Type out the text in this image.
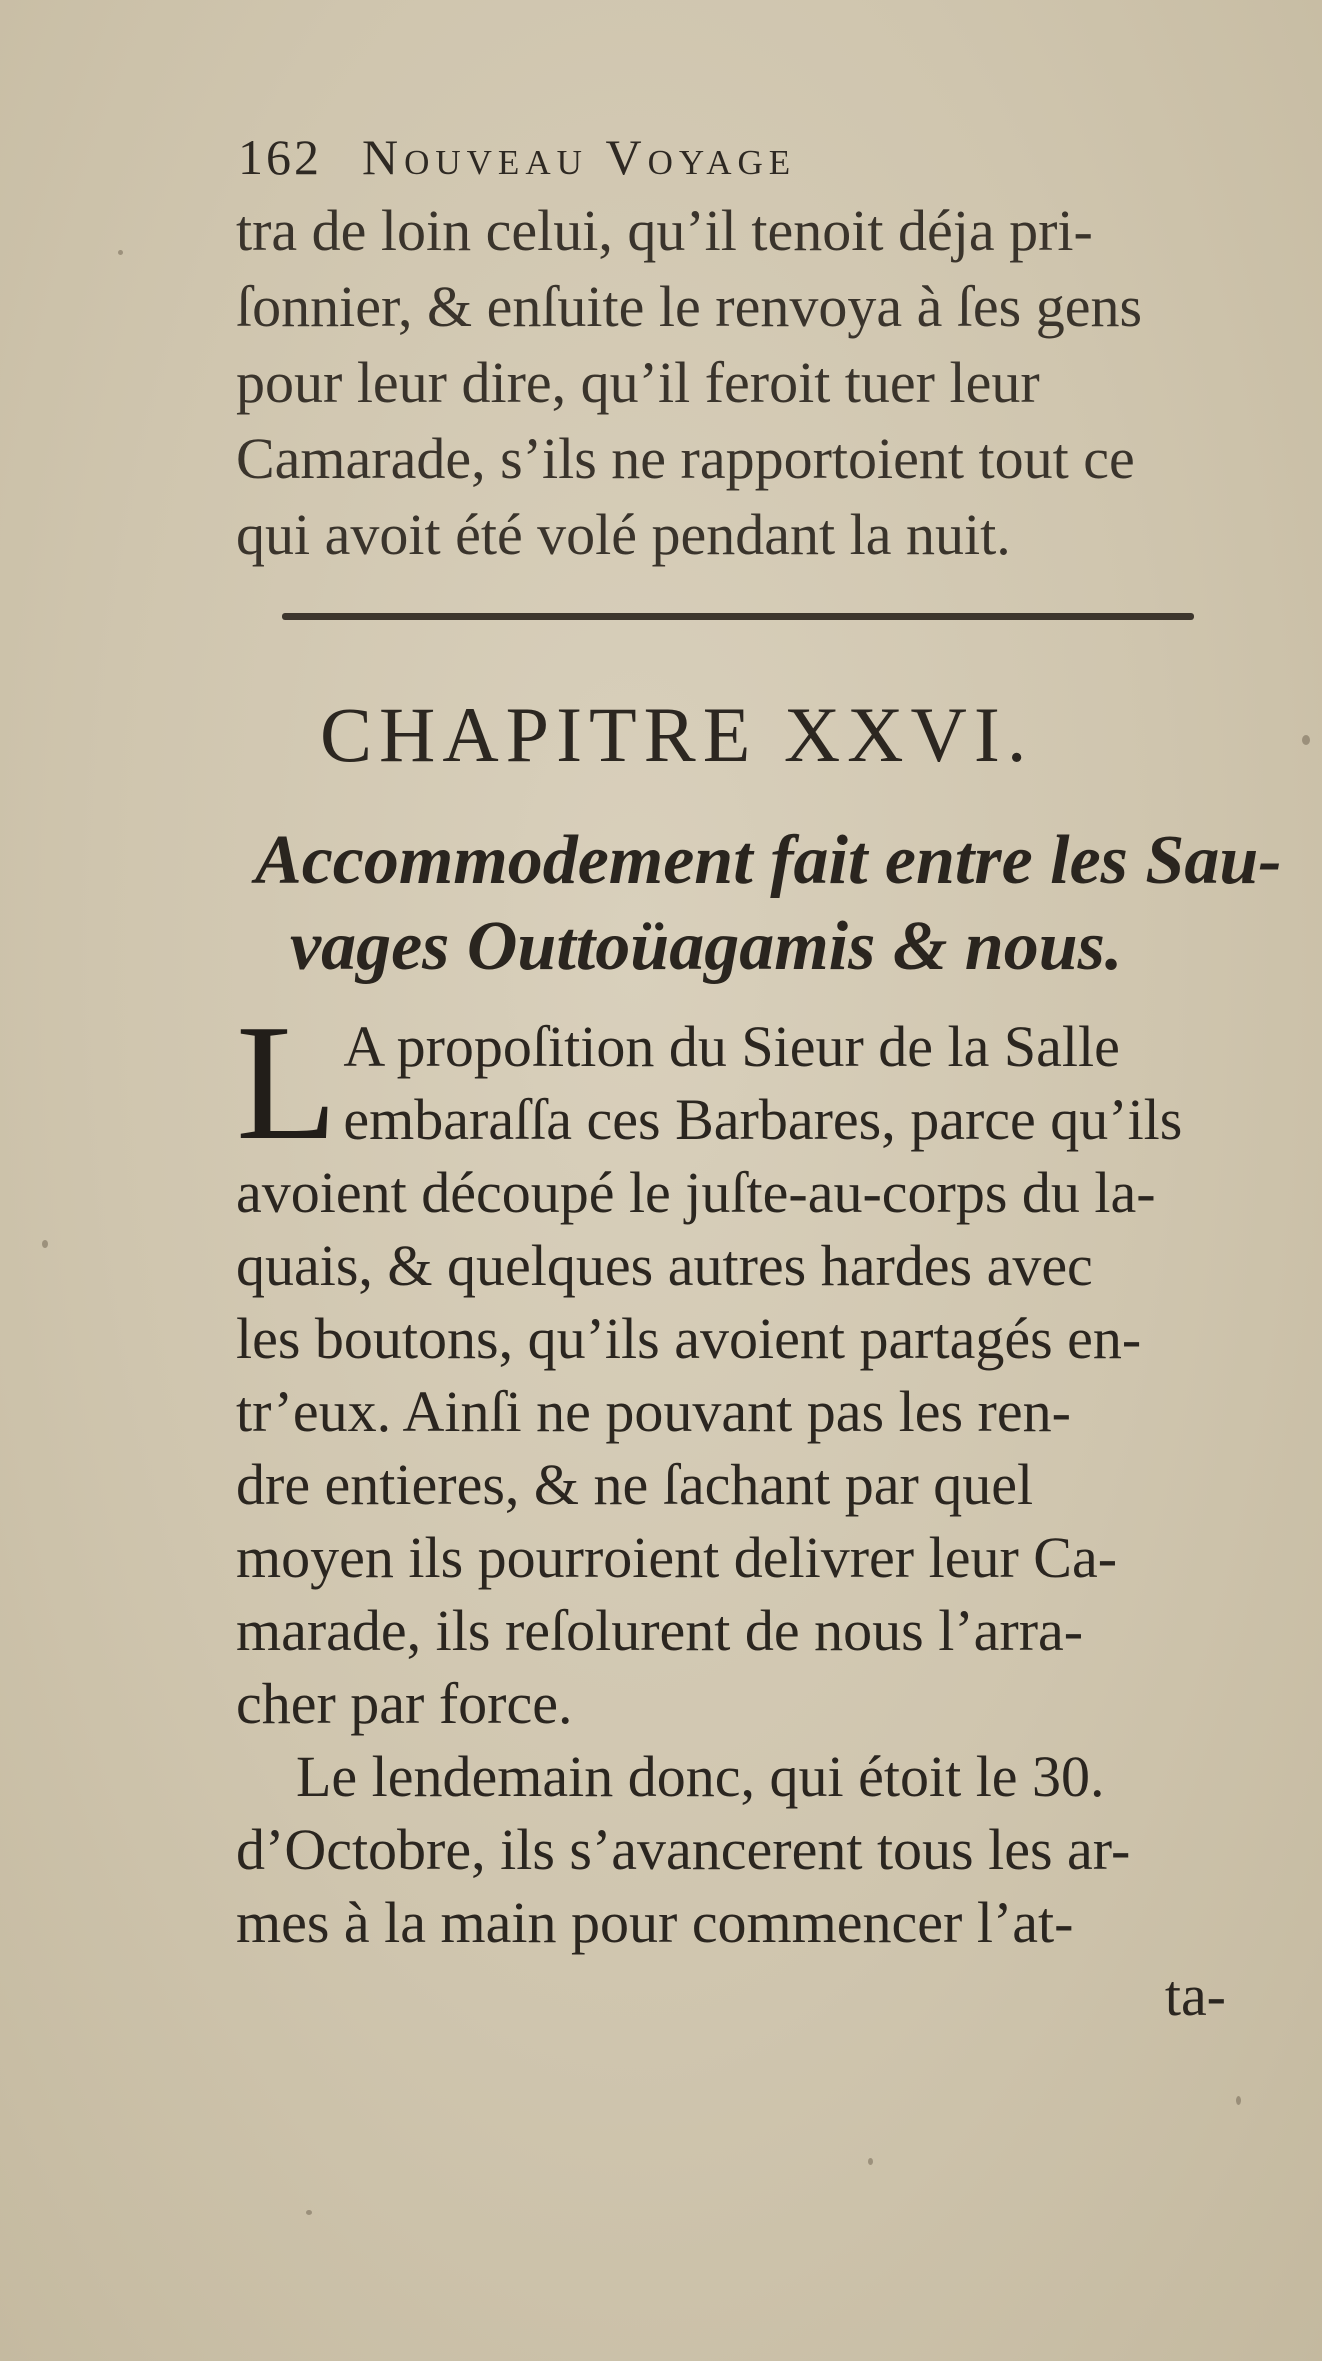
162 Nouveau Voyage
tra de loin celui, qu’il tenoit déja pri-
ſonnier, & enſuite le renvoya à ſes gens
pour leur dire, qu’il feroit tuer leur
Camarade, s’ils ne rapportoient tout ce
qui avoit été volé pendant la nuit.
CHAPITRE XXVI.
Accommodement fait entre les Sau-
vages Outtoüagamis & nous.
L A propoſition du Sieur de la Salle
embaraſſa ces Barbares, parce qu’ils
avoient découpé le juſte-au-corps du la-
quais, & quelques autres hardes avec
les boutons, qu’ils avoient partagés en-
tr’eux. Ainſi ne pouvant pas les ren-
dre entieres, & ne ſachant par quel
moyen ils pourroient delivrer leur Ca-
marade, ils reſolurent de nous l’arra-
cher par force.
Le lendemain donc, qui étoit le 30.
d’Octobre, ils s’avancerent tous les ar-
mes à la main pour commencer l’at-
ta-
